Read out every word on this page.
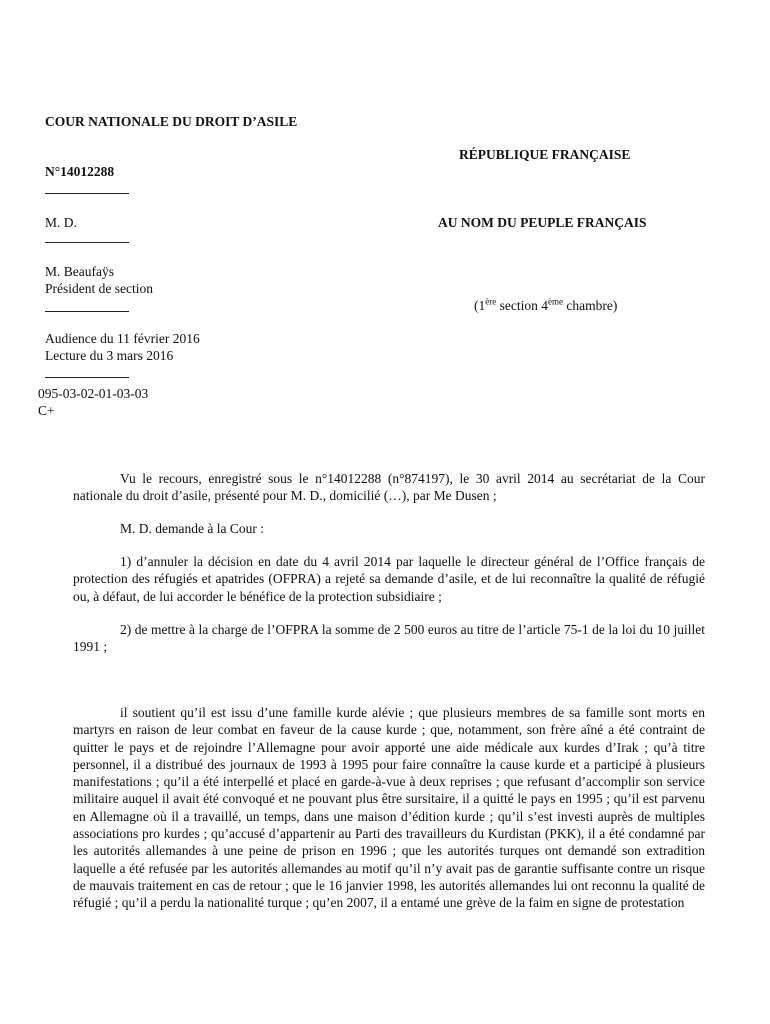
COUR NATIONALE DU DROIT D’ASILE
RÉPUBLIQUE FRANÇAISE
N°14012288
M. D.	AU NOM DU PEUPLE FRANÇAIS
M. Beaufaÿs
Président de section
(1ère section 4ème chambre)
Audience du 11 février 2016
Lecture du 3 mars 2016
095-03-02-01-03-03
C+

Vu le recours, enregistré sous le n°14012288 (n°874197), le 30 avril 2014 au secrétariat de la Cour nationale du droit d’asile, présenté pour M. D., domicilié (…), par Me Dusen ;

M. D. demande à la Cour :

1) d’annuler la décision en date du 4 avril 2014 par laquelle le directeur général de l’Office français de protection des réfugiés et apatrides (OFPRA) a rejeté sa demande d’asile, et de lui reconnaître la qualité de réfugié ou, à défaut, de lui accorder le bénéfice de la protection subsidiaire ;

2) de mettre à la charge de l’OFPRA la somme de 2 500 euros au titre de l’article 75-1 de la loi du 10 juillet 1991 ;

il soutient qu’il est issu d’une famille kurde alévie ; que plusieurs membres de sa famille sont morts en martyrs en raison de leur combat en faveur de la cause kurde ; que, notamment, son frère aîné a été contraint de quitter le pays et de rejoindre l’Allemagne pour avoir apporté une aide médicale aux kurdes d’Irak ; qu’à titre personnel, il a distribué des journaux de 1993 à 1995 pour faire connaître la cause kurde et a participé à plusieurs manifestations ; qu’il a été interpellé et placé en garde-à-vue à deux reprises ; que refusant d’accomplir son service militaire auquel il avait été convoqué et ne pouvant plus être sursitaire, il a quitté le pays en 1995 ; qu’il est parvenu en Allemagne où il a travaillé, un temps, dans une maison d’édition kurde ; qu’il s’est investi auprès de multiples associations pro kurdes ; qu’accusé d’appartenir au Parti des travailleurs du Kurdistan (PKK), il a été condamné par les autorités allemandes à une peine de prison en 1996 ; que les autorités turques ont demandé son extradition laquelle a été refusée par les autorités allemandes au motif qu’il n’y avait pas de garantie suffisante contre un risque de mauvais traitement en cas de retour ; que le 16 janvier 1998, les autorités allemandes lui ont reconnu la qualité de réfugié ; qu’il a perdu la nationalité turque ; qu’en 2007, il a entamé une grève de la faim en signe de protestation
